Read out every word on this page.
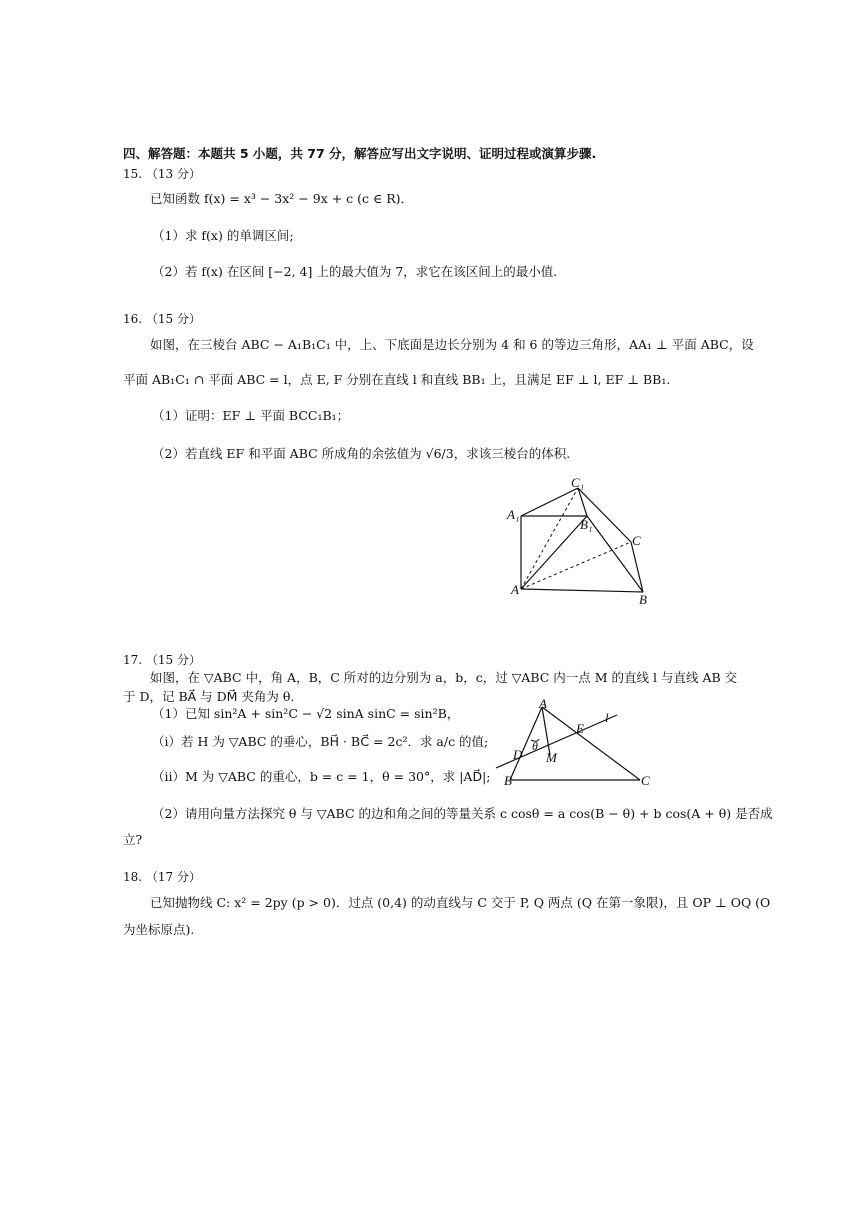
四、解答题：本题共 5 小题，共 77 分，解答应写出文字说明、证明过程或演算步骤.
15. （13 分）
已知函数 f(x) = x³ − 3x² − 9x + c (c ∈ R)．
（1）求 f(x) 的单调区间;
（2）若 f(x) 在区间 [−2, 4] 上的最大值为 7，求它在该区间上的最小值.
16. （15 分）
如图，在三棱台 ABC − A₁B₁C₁ 中，上、下底面是边长分别为 4 和 6 的等边三角形，AA₁ ⊥ 平面 ABC，设
平面 AB₁C₁ ∩ 平面 ABC = l，点 E, F 分别在直线 l 和直线 BB₁ 上，且满足 EF ⊥ l, EF ⊥ BB₁.
（1）证明：EF ⊥ 平面 BCC₁B₁；
（2）若直线 EF 和平面 ABC 所成角的余弦值为 √6/3，求该三棱台的体积.
A₁
C₁
B₁
C
A
B
17. （15 分）
如图，在 ▽ABC 中，角 A，B，C 所对的边分别为 a，b，c，过 ▽ABC 内一点 M 的直线 l 与直线 AB 交
于 D，记 BA⃗ 与 DM⃗ 夹角为 θ.
（1）已知 sin²A + sin²C − √2 sinA sinC = sin²B，
（i）若 H 为 ▽ABC 的垂心，BH⃗ · BC⃗ = 2c²．求 a/c 的值;
（ii）M 为 ▽ABC 的重心，b = c = 1，θ = 30°，求 |AD⃗|;
（2）请用向量方法探究 θ 与 ▽ABC 的边和角之间的等量关系 c cosθ = a cos(B − θ) + b cos(A + θ) 是否成
立?
A
l
E
D
θ
M
B	C
18. （17 分）
已知抛物线 C: x² = 2py (p > 0)．过点 (0,4) 的动直线与 C 交于 P, Q 两点 (Q 在第一象限)，且 OP ⊥ OQ (O
为坐标原点).
